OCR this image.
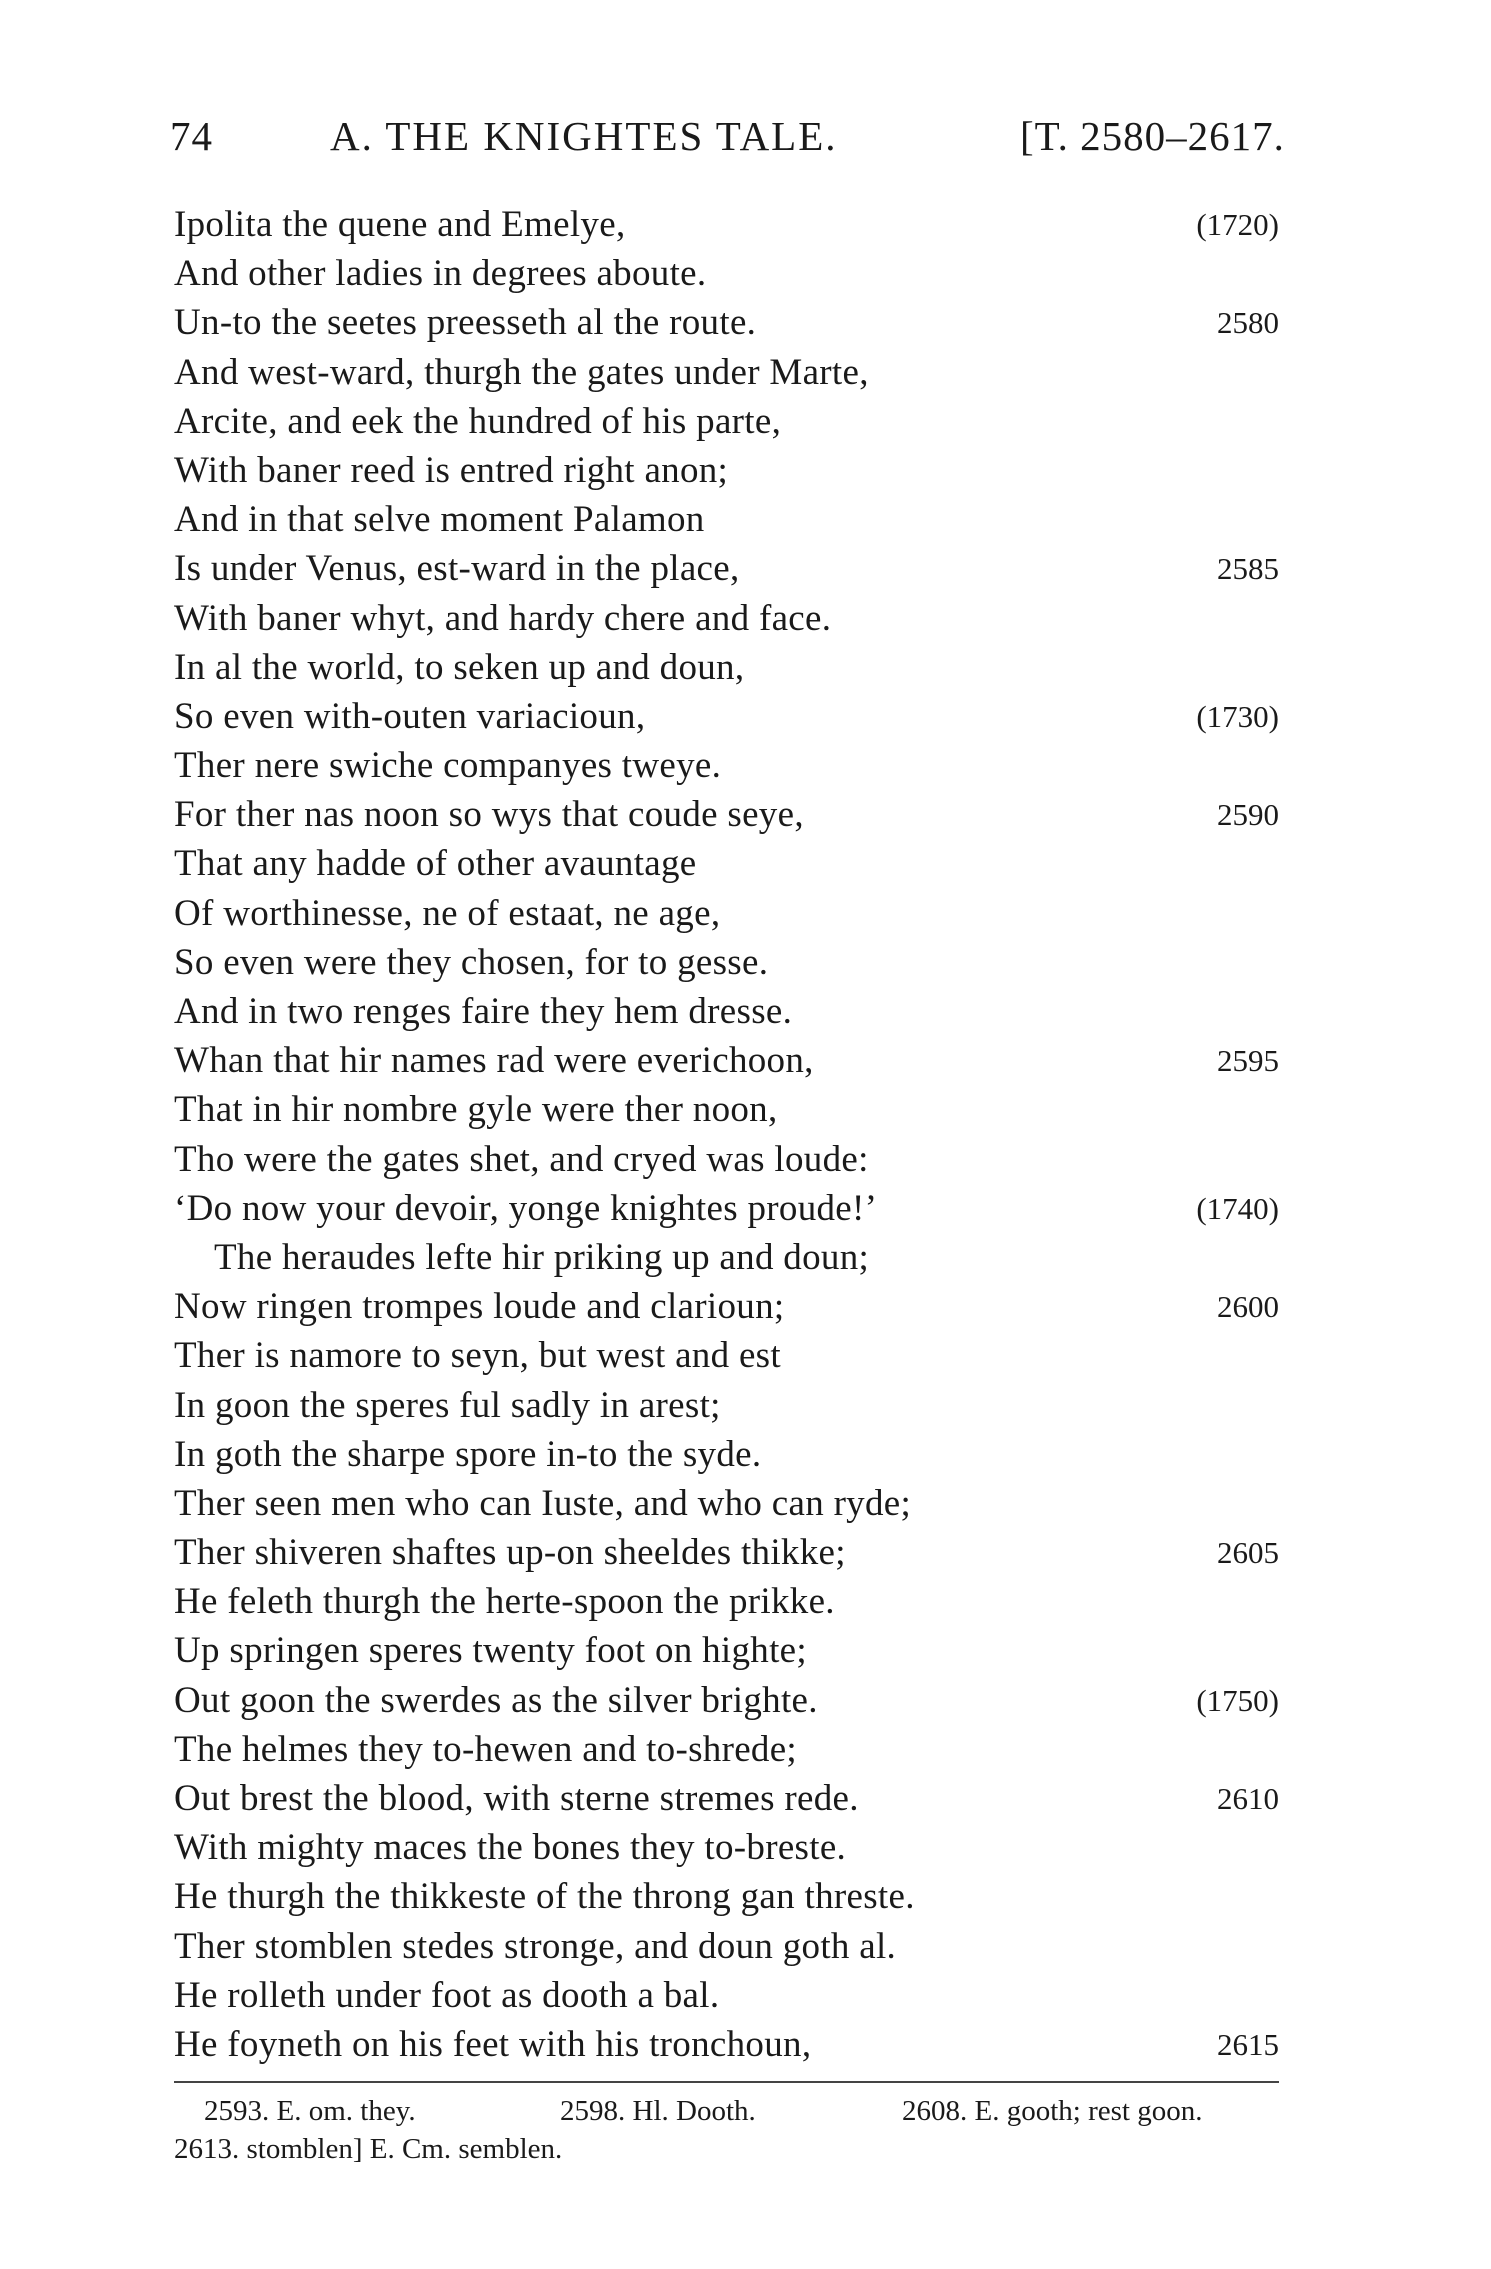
74	A. THE KNIGHTES TALE.	[T. 2580–2617.
Ipolita the quene and Emelye,	(1720)
And other ladies in degrees aboute.
Un-to the seetes preesseth al the route.	2580
And west-ward, thurgh the gates under Marte,
Arcite, and eek the hundred of his parte,
With baner reed is entred right anon;
And in that selve moment Palamon
Is under Venus, est-ward in the place,	2585
With baner whyt, and hardy chere and face.
In al the world, to seken up and doun,
So even with-outen variacioun,	(1730)
Ther nere swiche companyes tweye.
For ther nas noon so wys that coude seye,	2590
That any hadde of other avauntage
Of worthinesse, ne of estaat, ne age,
So even were they chosen, for to gesse.
And in two renges faire they hem dresse.
Whan that hir names rad were everichoon,	2595
That in hir nombre gyle were ther noon,
Tho were the gates shet, and cryed was loude:
‘Do now your devoir, yonge knightes proude!’	(1740)
The heraudes lefte hir priking up and doun;
Now ringen trompes loude and clarioun;	2600
Ther is namore to seyn, but west and est
In goon the speres ful sadly in arest;
In goth the sharpe spore in-to the syde.
Ther seen men who can Iuste, and who can ryde;
Ther shiveren shaftes up-on sheeldes thikke;	2605
He feleth thurgh the herte-spoon the prikke.
Up springen speres twenty foot on highte;
Out goon the swerdes as the silver brighte.	(1750)
The helmes they to-hewen and to-shrede;
Out brest the blood, with sterne stremes rede.	2610
With mighty maces the bones they to-breste.
He thurgh the thikkeste of the throng gan threste.
Ther stomblen stedes stronge, and doun goth al.
He rolleth under foot as dooth a bal.
He foyneth on his feet with his tronchoun,	2615
2593. E. om. they.	2598. Hl. Dooth.	2608. E. gooth; rest goon.
2613. stomblen] E. Cm. semblen.
